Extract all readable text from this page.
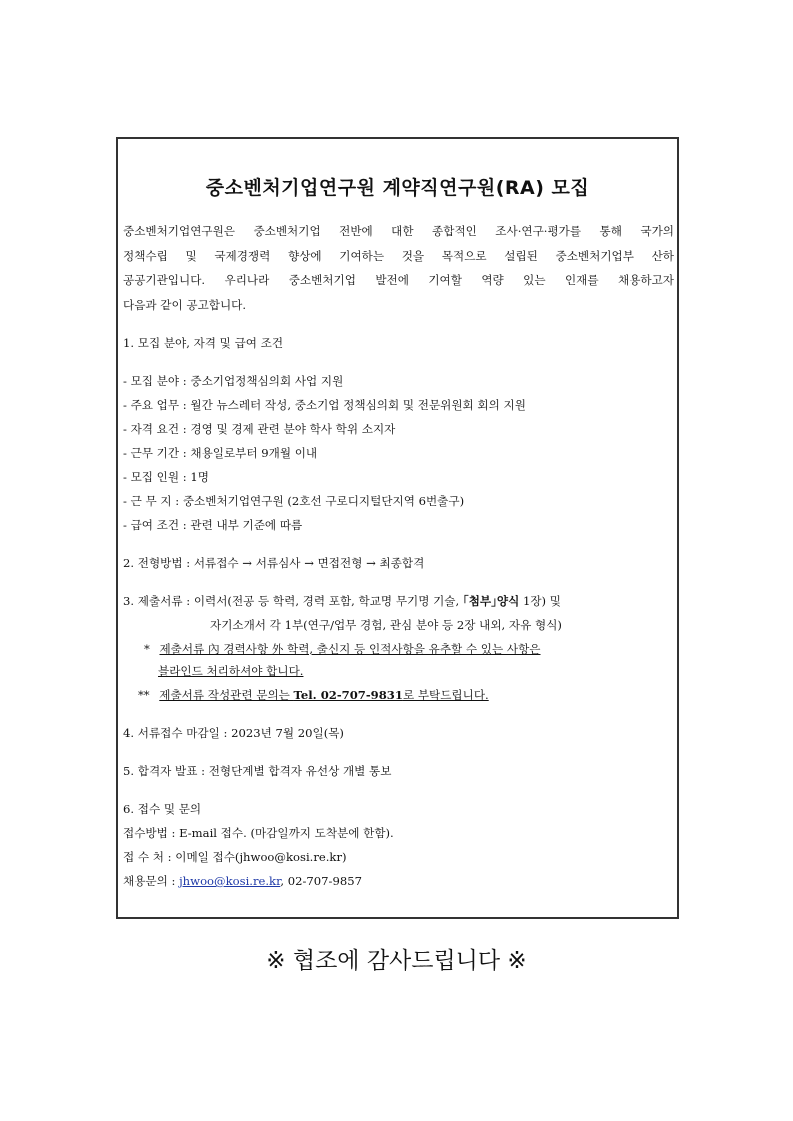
중소벤처기업연구원 계약직연구원(RA) 모집
중소벤처기업연구원은 중소벤처기업 전반에 대한 종합적인 조사·연구·평가를 통해 국가의
정책수립 및 국제경쟁력 향상에 기여하는 것을 목적으로 설립된 중소벤처기업부 산하
공공기관입니다. 우리나라 중소벤처기업 발전에 기여할 역량 있는 인재를 채용하고자
다음과 같이 공고합니다.
1. 모집 분야, 자격 및 급여 조건
- 모집 분야 : 중소기업정책심의회 사업 지원
- 주요 업무 : 월간 뉴스레터 작성, 중소기업 정책심의회 및 전문위원회 회의 지원
- 자격 요건 : 경영 및 경제 관련 분야 학사 학위 소지자
- 근무 기간 : 채용일로부터 9개월 이내
- 모집 인원 : 1명
- 근 무 지 : 중소벤처기업연구원 (2호선 구로디지털단지역 6번출구)
- 급여 조건 : 관련 내부 기준에 따름
2. 전형방법 : 서류접수 → 서류심사 → 면접전형 → 최종합격
3. 제출서류 : 이력서(전공 등 학력, 경력 포함, 학교명 무기명 기술, ｢첨부｣양식 1장) 및
자기소개서 각 1부(연구/업무 경험, 관심 분야 등 2장 내외, 자유 형식)
* 제출서류 內 경력사항 外 학력, 출신지 등 인적사항을 유추할 수 있는 사항은
블라인드 처리하셔야 합니다.
** 제출서류 작성관련 문의는 Tel. 02-707-9831로 부탁드립니다.
4. 서류접수 마감일 : 2023년 7월 20일(목)
5. 합격자 발표 : 전형단계별 합격자 유선상 개별 통보
6. 접수 및 문의
접수방법 : E-mail 접수. (마감일까지 도착분에 한함).
접 수 처 : 이메일 접수(jhwoo@kosi.re.kr)
채용문의 : jhwoo@kosi.re.kr, 02-707-9857
※ 협조에 감사드립니다 ※
